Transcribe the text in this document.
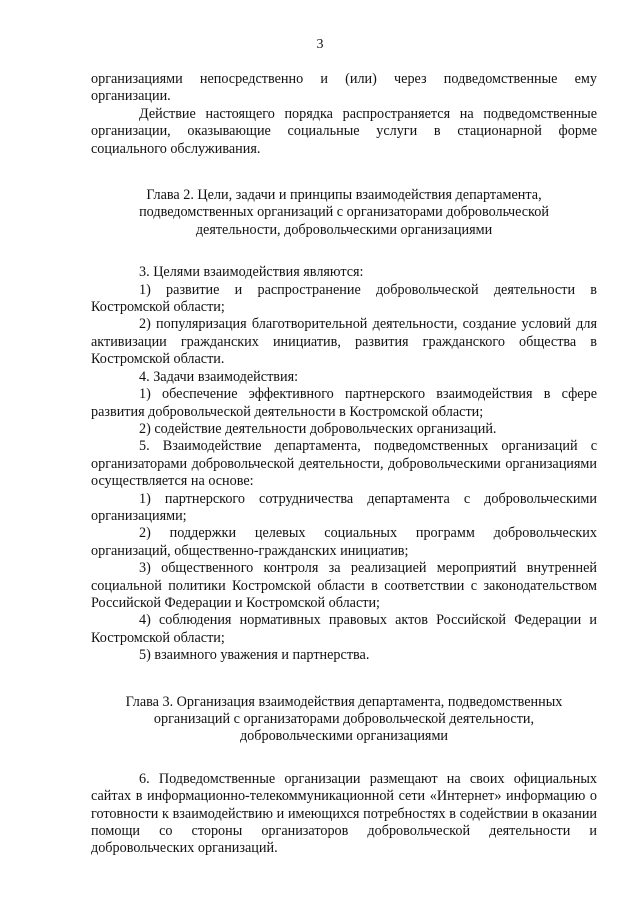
3

организациями непосредственно и (или) через подведомственные ему организации.

Действие настоящего порядка распространяется на подведомственные организации, оказывающие социальные услуги в стационарной форме социального обслуживания.

Глава 2. Цели, задачи и принципы взаимодействия департамента, подведомственных организаций с организаторами добровольческой деятельности, добровольческими организациями

3. Целями взаимодействия являются:

1) развитие и распространение добровольческой деятельности в Костромской области;

2) популяризация благотворительной деятельности, создание условий для активизации гражданских инициатив, развития гражданского общества в Костромской области.

4. Задачи взаимодействия:

1) обеспечение эффективного партнерского взаимодействия в сфере развития добровольческой деятельности в Костромской области;

2) содействие деятельности добровольческих организаций.

5. Взаимодействие департамента, подведомственных организаций с организаторами добровольческой деятельности, добровольческими организациями осуществляется на основе:

1) партнерского сотрудничества департамента с добровольческими организациями;

2) поддержки целевых социальных программ добровольческих организаций, общественно-гражданских инициатив;

3) общественного контроля за реализацией мероприятий внутренней социальной политики Костромской области в соответствии с законодательством Российской Федерации и Костромской области;

4) соблюдения нормативных правовых актов Российской Федерации и Костромской области;

5) взаимного уважения и партнерства.

Глава 3. Организация взаимодействия департамента, подведомственных организаций с организаторами добровольческой деятельности, добровольческими организациями

6. Подведомственные организации размещают на своих официальных сайтах в информационно-телекоммуникационной сети «Интернет» информацию о готовности к взаимодействию и имеющихся потребностях в содействии в оказании помощи со стороны организаторов добровольческой деятельности и добровольческих организаций.
